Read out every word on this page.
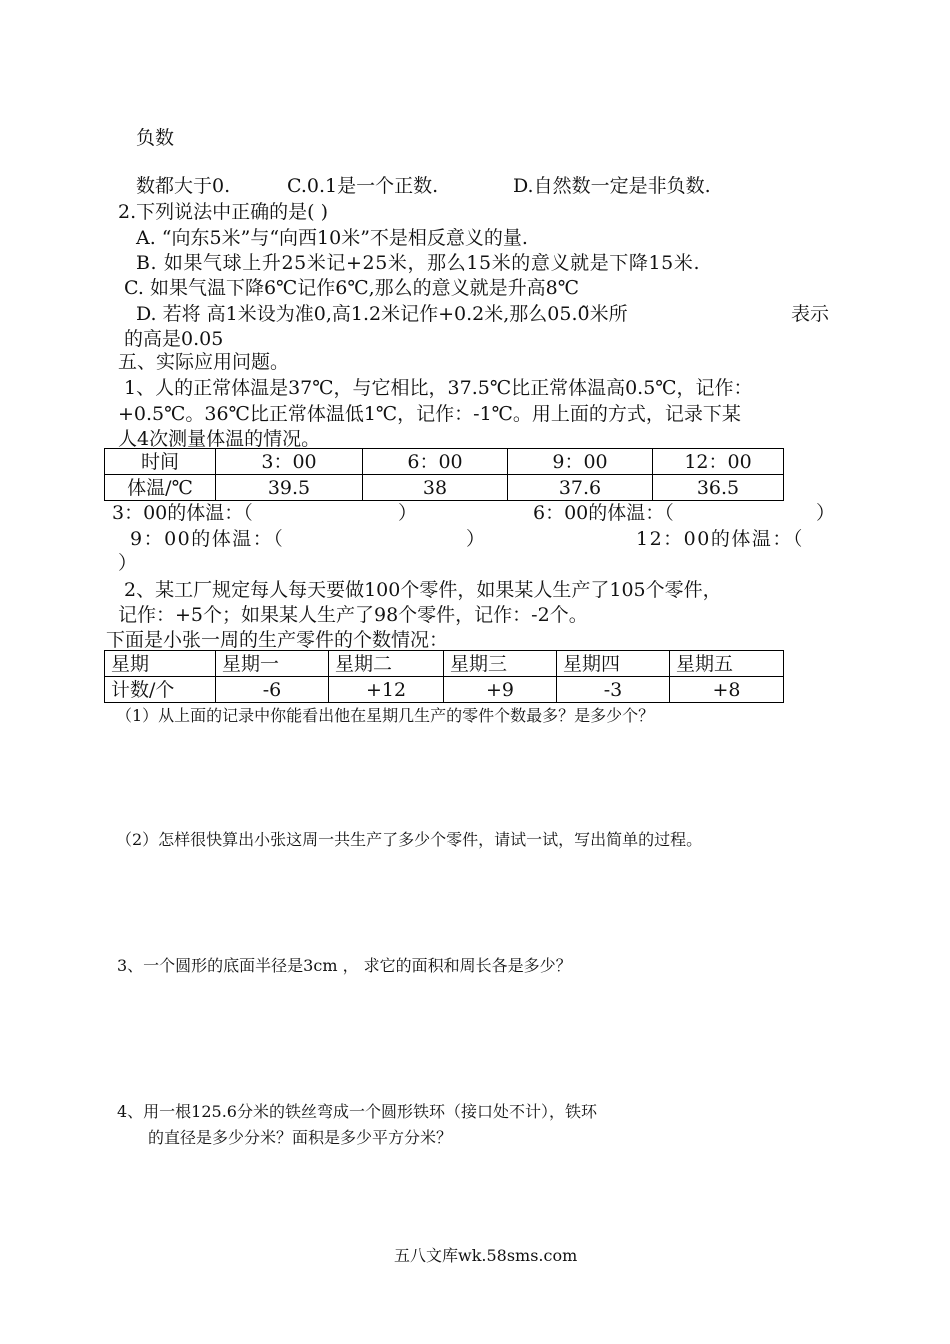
负数
数都大于0.	C.0.1是一个正数.	D.自然数一定是非负数.
2.下列说法中正确的是( )
A. “向东5米”与“向西10米”不是相反意义的量.
B. 如果气球上升25米记+25米，那么15米的意义就是下降15米.
C. 如果气温下降6℃记作6℃,那么的意义就是升高8℃
D. 若将 高1米设为准0,高1.2米记作+0.2米,那么05.0̃米所	表示
的高是0.05
五、实际应用问题。
1、人的正常体温是37℃，与它相比，37.5℃比正常体温高0.5℃，记作：
+0.5℃。36℃比正常体温低1℃，记作：-1℃。用上面的方式，记录下某
人4次测量体温的情况。
时间	3：00	6：00	9：00	12：00
体温/℃	39.5	38	37.6	36.5
3：00的体温：（	）	6：00的体温：（	）
9：00的体温：（	）	12：00的体温：（
）
2、某工厂规定每人每天要做100个零件，如果某人生产了105个零件，
记作：+5个；如果某人生产了98个零件，记作：-2个。
下面是小张一周的生产零件的个数情况：
星期	星期一	星期二	星期三	星期四	星期五
计数/个	-6	+12	+9	-3	+8
（1）从上面的记录中你能看出他在星期几生产的零件个数最多？是多少个？
（2）怎样很快算出小张这周一共生产了多少个零件，请试一试，写出简单的过程。
3、一个圆形的底面半径是3cm ， 求它的面积和周长各是多少？
4、用一根125.6分米的铁丝弯成一个圆形铁环（接口处不计），铁环
的直径是多少分米？面积是多少平方分米？
五八文库wk.58sms.com
